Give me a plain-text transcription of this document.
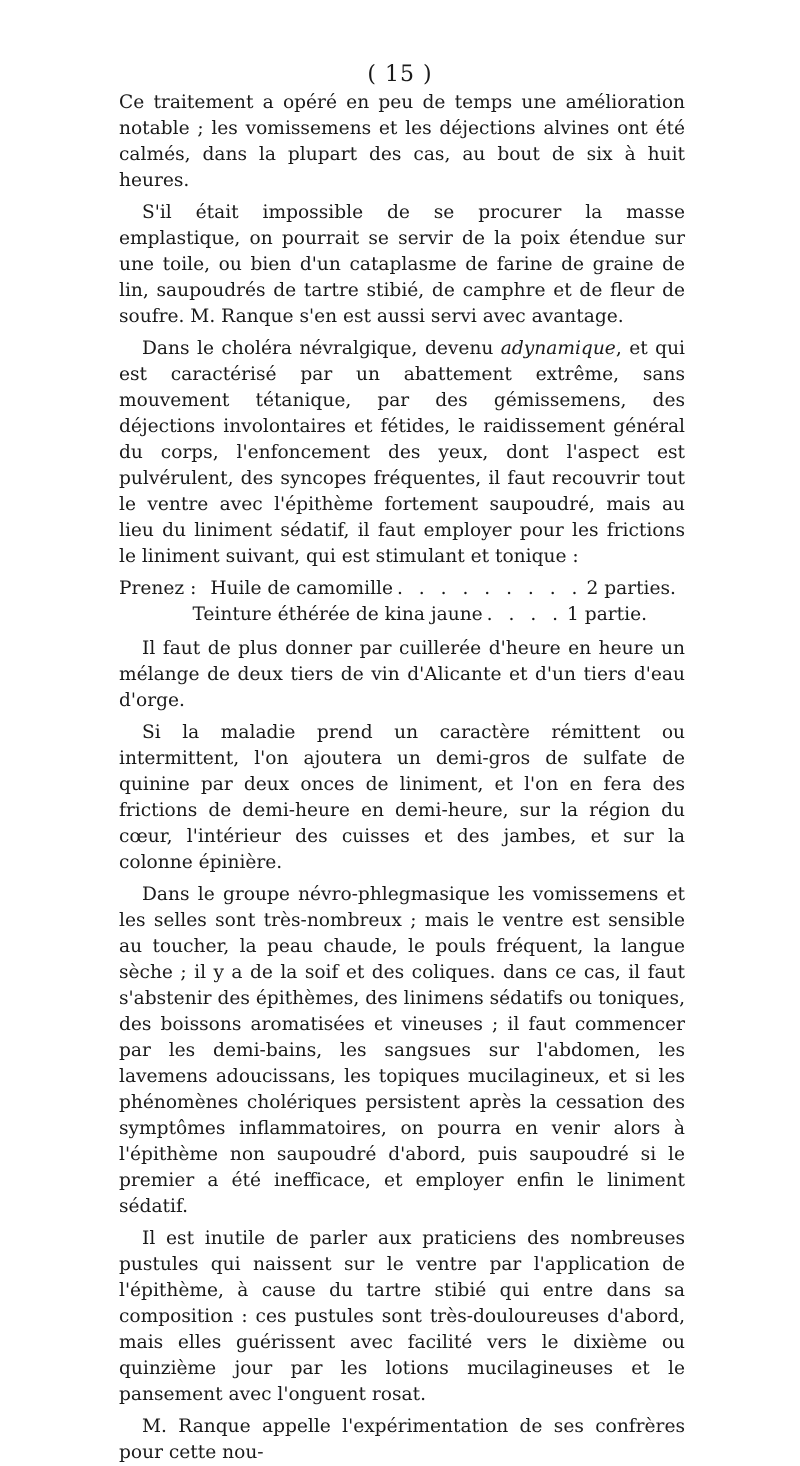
( 15 )

Ce traitement a opéré en peu de temps une amélioration notable ; les vomissemens et les déjections alvines ont été calmés, dans la plupart des cas, au bout de six à huit heures.

S'il était impossible de se procurer la masse emplastique, on pourrait se servir de la poix étendue sur une toile, ou bien d'un cataplasme de farine de graine de lin, saupoudrés de tartre stibié, de camphre et de fleur de soufre. M. Ranque s'en est aussi servi avec avantage.

Dans le choléra névralgique, devenu adynamique, et qui est caractérisé par un abattement extrême, sans mouvement tétanique, par des gémissemens, des déjections involontaires et fétides, le raidissement général du corps, l'enfoncement des yeux, dont l'aspect est pulvérulent, des syncopes fréquentes, il faut recouvrir tout le ventre avec l'épithème fortement saupoudré, mais au lieu du liniment sédatif, il faut employer pour les frictions le liniment suivant, qui est stimulant et tonique :

Prenez : Huile de camomille . . . . . . . . . 2 parties.
Teinture éthérée de kina jaune . . . . 1 partie.

Il faut de plus donner par cuillerée d'heure en heure un mélange de deux tiers de vin d'Alicante et d'un tiers d'eau d'orge.

Si la maladie prend un caractère rémittent ou intermittent, l'on ajoutera un demi-gros de sulfate de quinine par deux onces de liniment, et l'on en fera des frictions de demi-heure en demi-heure, sur la région du cœur, l'intérieur des cuisses et des jambes, et sur la colonne épinière.

Dans le groupe névro-phlegmasique les vomissemens et les selles sont très-nombreux ; mais le ventre est sensible au toucher, la peau chaude, le pouls fréquent, la langue sèche ; il y a de la soif et des coliques. dans ce cas, il faut s'abstenir des épithèmes, des linimens sédatifs ou toniques, des boissons aromatisées et vineuses ; il faut commencer par les demi-bains, les sangsues sur l'abdomen, les lavemens adoucissans, les topiques mucilagineux, et si les phénomènes cholériques persistent après la cessation des symptômes inflammatoires, on pourra en venir alors à l'épithème non saupoudré d'abord, puis saupoudré si le premier a été inefficace, et employer enfin le liniment sédatif.

Il est inutile de parler aux praticiens des nombreuses pustules qui naissent sur le ventre par l'application de l'épithème, à cause du tartre stibié qui entre dans sa composition : ces pustules sont très-douloureuses d'abord, mais elles guérissent avec facilité vers le dixième ou quinzième jour par les lotions mucilagineuses et le pansement avec l'onguent rosat.

M. Ranque appelle l'expérimentation de ses confrères pour cette nou-
